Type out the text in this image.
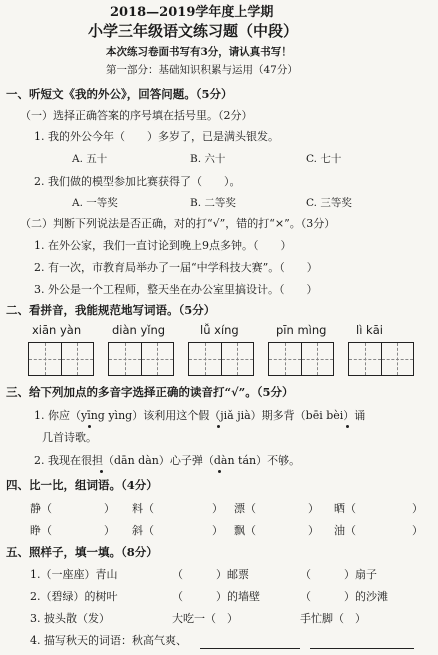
2018—2019学年度上学期
小学三年级语文练习题（中段）
本次练习卷面书写有3分，请认真书写！
第一部分：基础知识积累与运用（47分）
一、听短文《我的外公》，回答问题。（5分）
（一）选择正确答案的序号填在括号里。（2分）
1. 我的外公今年（　　）多岁了，已是满头银发。
A. 五十	B. 六十	C. 七十
2. 我们做的模型参加比赛获得了（　　）。
A. 一等奖	B. 二等奖	C. 三等奖
（二）判断下列说法是否正确，对的打“√”，错的打“×”。（3分）
1. 在外公家，我们一直讨论到晚上9点多钟。（　　）
2. 有一次，市教育局举办了一届“中学科技大赛”。（　　）
3. 外公是一个工程师，整天坐在办公室里搞设计。（　　）
二、看拼音，我能规范地写词语。（5分）
xiān yàn	diàn yǐng	lǚ xíng	pīn mìng	lì kāi
三、给下列加点的多音字选择正确的读音打“√”。（5分）
1. 你应（yīng yìng）该利用这个假（jiǎ jià）期多背（bēi bèi）诵
几首诗歌。
2. 我现在很担（dān dàn）心子弹（dàn tán）不够。
四、比一比，组词语。（4分）
静（	） 料（	） 漂（	） 晒（	）
睁（	） 斜（	） 飘（	） 油（	）
五、照样子，填一填。（8分）
1.（一座座）青山	（　　　）邮票	（　　　）扇子
2.（碧绿）的树叶	（　　　）的墙壁	（　　　）的沙滩
3. 披头散（发）	大吃一（　）	手忙脚（　）
4. 描写秋天的词语：秋高气爽、
